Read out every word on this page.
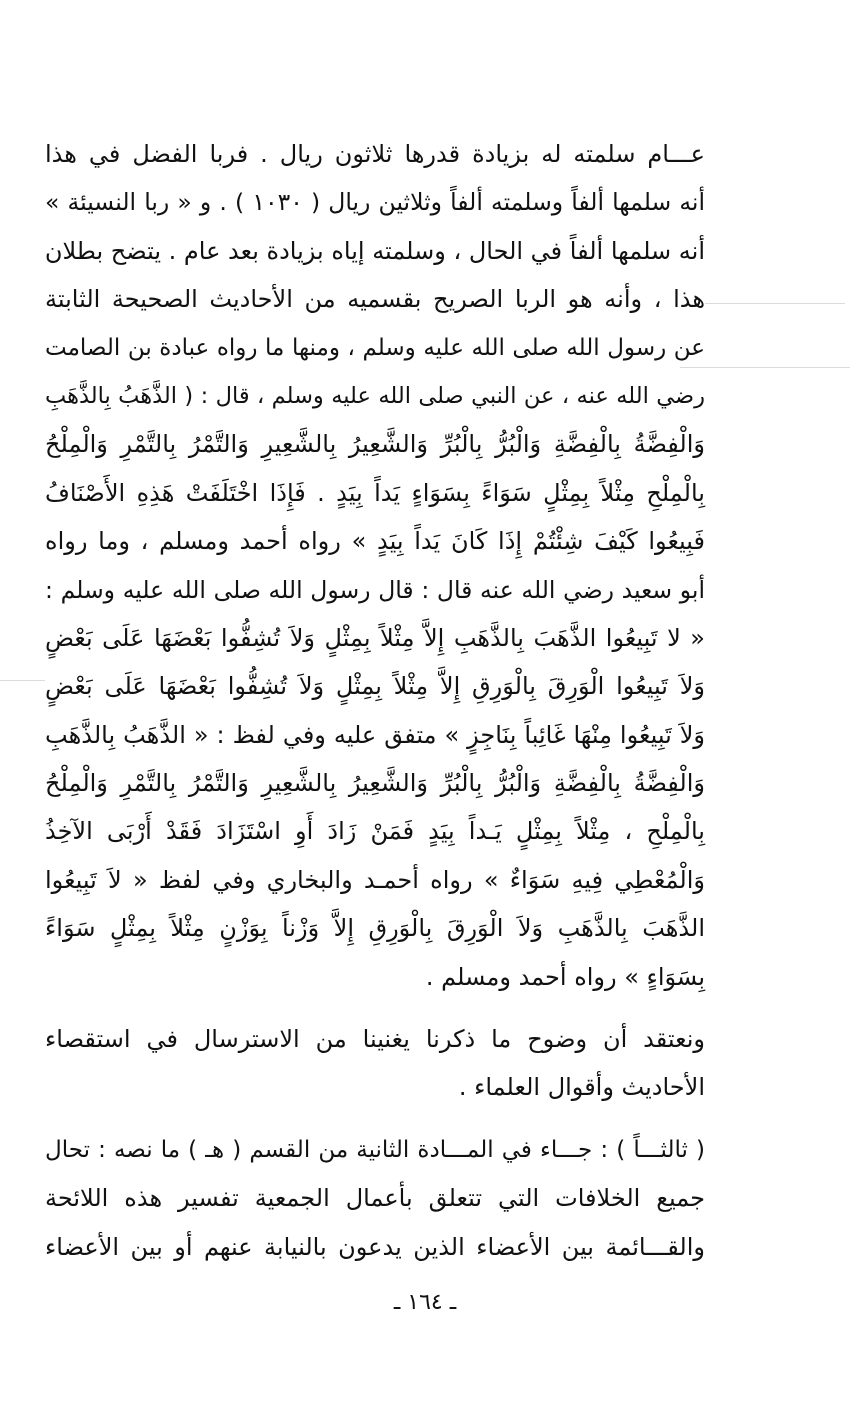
عـــام سلمته له بزيادة قدرها ثلاثون ريال . فربا الفضل في هذا
أنه سلمها ألفاً وسلمته ألفاً وثلاثين ريال ( ١٠٣٠ ) . و « ربا النسيئة »
أنه سلمها ألفاً في الحال ، وسلمته إياه بزيادة بعد عام . يتضح بطلان
هذا ، وأنه هو الربا الصريح بقسميه من الأحاديث الصحيحة الثابتة
عن رسول الله صلى الله عليه وسلم ، ومنها ما رواه عبادة بن الصامت
رضي الله عنه ، عن النبي صلى الله عليه وسلم ، قال : ( الذَّهَبُ بِالذَّهَبِ
وَالْفِضَّةُ بِالْفِضَّةِ وَالْبُرُّ بِالْبُرِّ وَالشَّعِيرُ بِالشَّعِيرِ وَالتَّمْرُ بِالتَّمْرِ وَالْمِلْحُ
بِالْمِلْحِ مِثْلاً بِمِثْلٍ سَوَاءً بِسَوَاءٍ يَداً بِيَدٍ . فَإِذَا اخْتَلَفَتْ هَذِهِ الأَصْنَافُ
فَبِيعُوا كَيْفَ شِئْتُمْ إِذَا كَانَ يَداً بِيَدٍ » رواه أحمد ومسلم ، وما رواه
أبو سعيد رضي الله عنه قال : قال رسول الله صلى الله عليه وسلم :
« لا تَبِيعُوا الذَّهَبَ بِالذَّهَبِ إِلاَّ مِثْلاً بِمِثْلٍ وَلاَ تُشِفُّوا بَعْضَهَا عَلَى بَعْضٍ
وَلاَ تَبِيعُوا الْوَرِقَ بِالْوَرِقِ إِلاَّ مِثْلاً بِمِثْلٍ وَلاَ تُشِفُّوا بَعْضَهَا عَلَى بَعْضٍ
وَلاَ تَبِيعُوا مِنْهَا غَائِباً بِنَاجِزٍ » متفق عليه وفي لفظ : « الذَّهَبُ بِالذَّهَبِ
وَالْفِضَّةُ بِالْفِضَّةِ وَالْبُرُّ بِالْبُرِّ وَالشَّعِيرُ بِالشَّعِيرِ وَالتَّمْرُ بِالتَّمْرِ وَالْمِلْحُ
بِالْمِلْحِ ، مِثْلاً بِمِثْلٍ يَـداً بِيَدٍ فَمَنْ زَادَ أَوِ اسْتَزَادَ فَقَدْ أَرْبَى الآخِذُ
وَالْمُعْطِي فِيهِ سَوَاءٌ » رواه أحمـد والبخاري وفي لفظ « لاَ تَبِيعُوا
الذَّهَبَ بِالذَّهَبِ وَلاَ الْوَرِقَ بِالْوَرِقِ إِلاَّ وَزْناً بِوَزْنٍ مِثْلاً بِمِثْلٍ سَوَاءً
بِسَوَاءٍ » رواه أحمد ومسلم .
ونعتقد أن وضوح ما ذكرنا يغنينا من الاسترسال في استقصاء
الأحاديث وأقوال العلماء .
( ثالثـــاً ) : جـــاء في المـــادة الثانية من القسم ( هـ ) ما نصه : تحال
جميع الخلافات التي تتعلق بأعمال الجمعية تفسير هذه اللائحة
والقـــائمة بين الأعضاء الذين يدعون بالنيابة عنهم أو بين الأعضاء
ـ ١٦٤ ـ
